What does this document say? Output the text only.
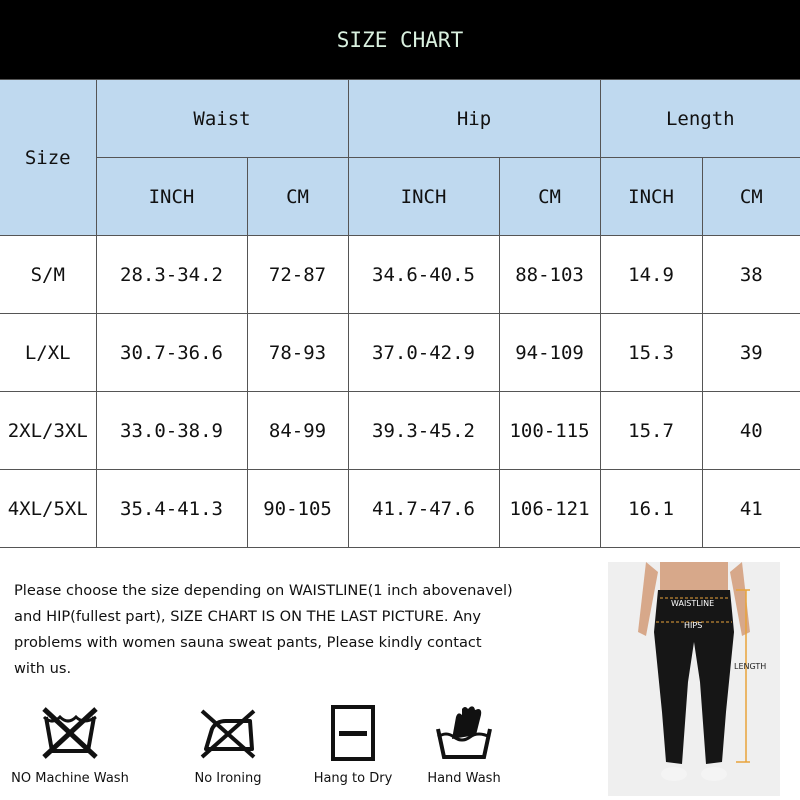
SIZE CHART
Size	Waist		Hip		Length	
	INCH	CM	INCH	CM	INCH	CM
S/M	28.3-34.2	72-87	34.6-40.5	88-103	14.9	38
L/XL	30.7-36.6	78-93	37.0-42.9	94-109	15.3	39
2XL/3XL	33.0-38.9	84-99	39.3-45.2	100-115	15.7	40
4XL/5XL	35.4-41.3	90-105	41.7-47.6	106-121	16.1	41
Please choose the size depending on WAISTLINE(1 inch abovenavel)
and HIP(fullest part), SIZE CHART IS ON THE LAST PICTURE. Any
problems with women sauna sweat pants, Please kindly contact
with us.
NO Machine Wash	No Ironing	Hang to Dry	Hand Wash
WAISTLINE
HIPS
LENGTH
